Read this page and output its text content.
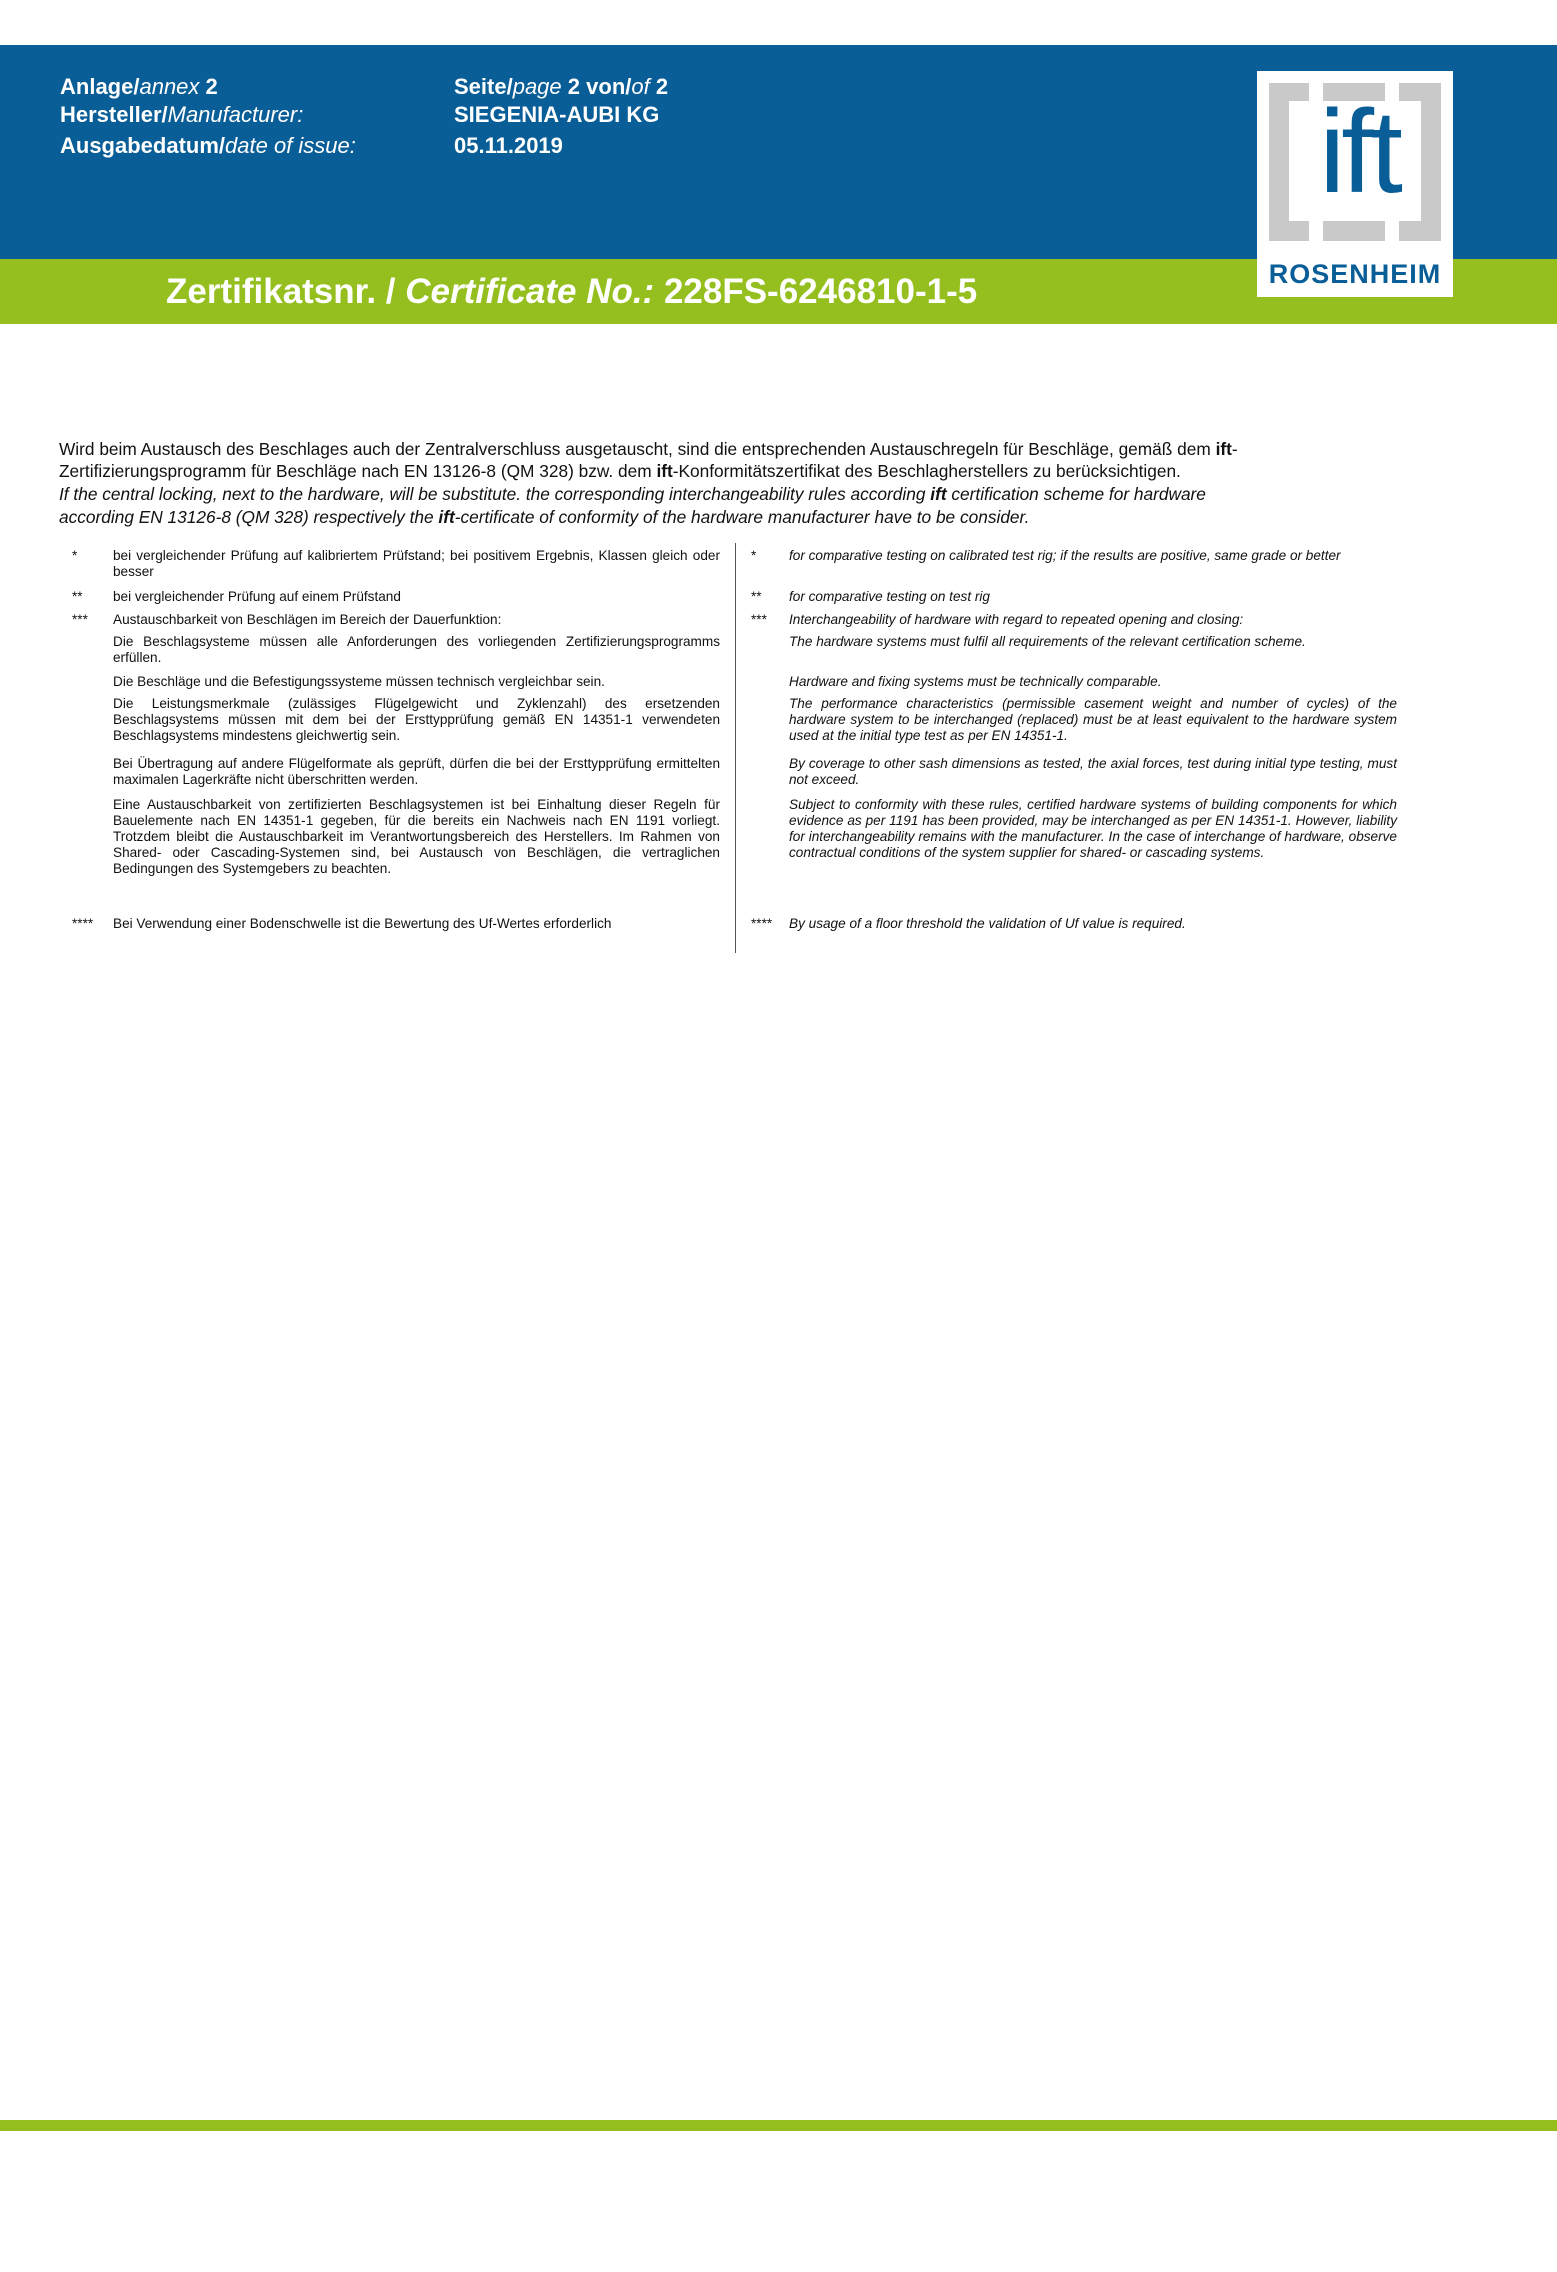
Anlage/annex 2
Hersteller/Manufacturer:
Ausgabedatum/date of issue:
Seite/page 2 von/of 2
SIEGENIA-AUBI KG
05.11.2019
Zertifikatsnr. / Certificate No.: 228FS-6246810-1-5
ift
ROSENHEIM
Wird beim Austausch des Beschlages auch der Zentralverschluss ausgetauscht, sind die entsprechenden Austauschregeln für Beschläge, gemäß dem ift-
Zertifizierungsprogramm für Beschläge nach EN 13126-8 (QM 328) bzw. dem ift-Konformitätszertifikat des Beschlagherstellers zu berücksichtigen.
If the central locking, next to the hardware, will be substitute. the corresponding interchangeability rules according ift certification scheme for hardware
according EN 13126-8 (QM 328) respectively the ift-certificate of conformity of the hardware manufacturer have to be consider.
*	bei vergleichender Prüfung auf kalibriertem Prüfstand; bei positivem Ergebnis, Klassen gleich oder besser
** bei vergleichender Prüfung auf einem Prüfstand
*** Austauschbarkeit von Beschlägen im Bereich der Dauerfunktion:
Die Beschlagsysteme müssen alle Anforderungen des vorliegenden Zertifizierungsprogramms erfüllen.
Die Beschläge und die Befestigungssysteme müssen technisch vergleichbar sein.
Die Leistungsmerkmale (zulässiges Flügelgewicht und Zyklenzahl) des ersetzenden Beschlagsystems müssen mit dem bei der Ersttypprüfung gemäß EN 14351-1 verwendeten Beschlagsystems mindestens gleichwertig sein.
Bei Übertragung auf andere Flügelformate als geprüft, dürfen die bei der Ersttypprüfung ermittelten maximalen Lagerkräfte nicht überschritten werden.
Eine Austauschbarkeit von zertifizierten Beschlagsystemen ist bei Einhaltung dieser Regeln für Bauelemente nach EN 14351-1 gegeben, für die bereits ein Nachweis nach EN 1191 vorliegt. Trotzdem bleibt die Austauschbarkeit im Verantwortungsbereich des Herstellers. Im Rahmen von Shared- oder Cascading-Systemen sind, bei Austausch von Beschlägen, die vertraglichen Bedingungen des Systemgebers zu beachten.
**** Bei Verwendung einer Bodenschwelle ist die Bewertung des Uf-Wertes erforderlich
* for comparative testing on calibrated test rig; if the results are positive, same grade or better
** for comparative testing on test rig
*** Interchangeability of hardware with regard to repeated opening and closing:
The hardware systems must fulfil all requirements of the relevant certification scheme.
Hardware and fixing systems must be technically comparable.
The performance characteristics (permissible casement weight and number of cycles) of the hardware system to be interchanged (replaced) must be at least equivalent to the hardware system used at the initial type test as per EN 14351-1.
By coverage to other sash dimensions as tested, the axial forces, test during initial type testing, must not exceed.
Subject to conformity with these rules, certified hardware systems of building components for which evidence as per 1191 has been provided, may be interchanged as per EN 14351-1. However, liability for interchangeability remains with the manufacturer. In the case of interchange of hardware, observe contractual conditions of the system supplier for shared- or cascading systems.
**** By usage of a floor threshold the validation of Uf value is required.
